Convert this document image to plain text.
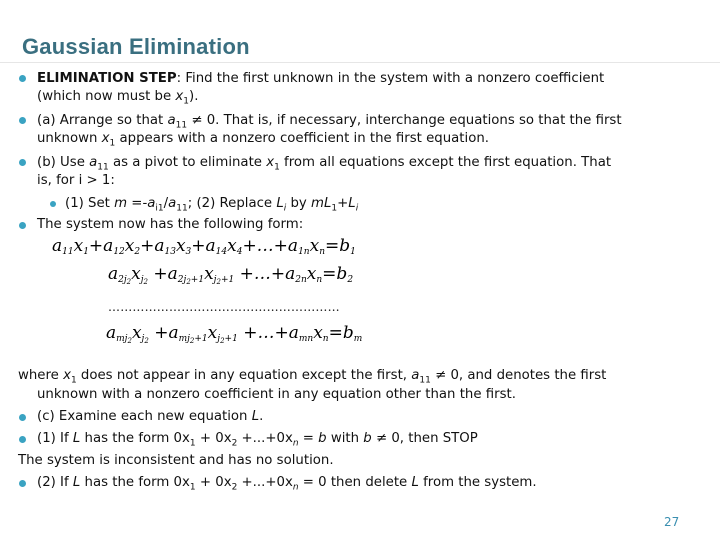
Gaussian Elimination
ELIMINATION STEP: Find the first unknown in the system with a nonzero coefficient
(which now must be $x_1$).
(a) Arrange so that $a_{11} \ne 0$. That is, if necessary, interchange equations so that the first
unknown $x_1$ appears with a nonzero coefficient in the first equation.
(b) Use $a_{11}$ as a pivot to eliminate $x_1$ from all equations except the first equation. That
is, for i > 1:
(1) Set $m =-a_{i1}/a_{11}$; (2) Replace $L_i$ by $mL_1+L_i$
The system now has the following form:
$a_{11}x_1+a_{12}x_2+a_{13}x_3+a_{14}x_4+\dots+a_{1n}x_n=b_1$
$a_{2j_2}x_{j_2} +a_{2j_2+1}x_{j_2+1}$ $+\dots+a_{2n}x_n=b_2$
…………………………………………………
$a_{mj_2}x_{j_2} +a_{mj_2+1}x_{j_2+1}$ $+\dots+a_{mn}x_n=b_m$
where $x_1$ does not appear in any equation except the first, $a_{11} \ne 0$, and denotes the first
unknown with a nonzero coefficient in any equation other than the first.
(c) Examine each new equation L.
(1) If L has the form $0x_1 + 0x_2 +...+0x_n = b$ with b ≠ 0, then STOP
The system is inconsistent and has no solution.
(2) If L has the form $0x_1 + 0x_2 +...+0x_n = 0$ then delete L from the system.
27
